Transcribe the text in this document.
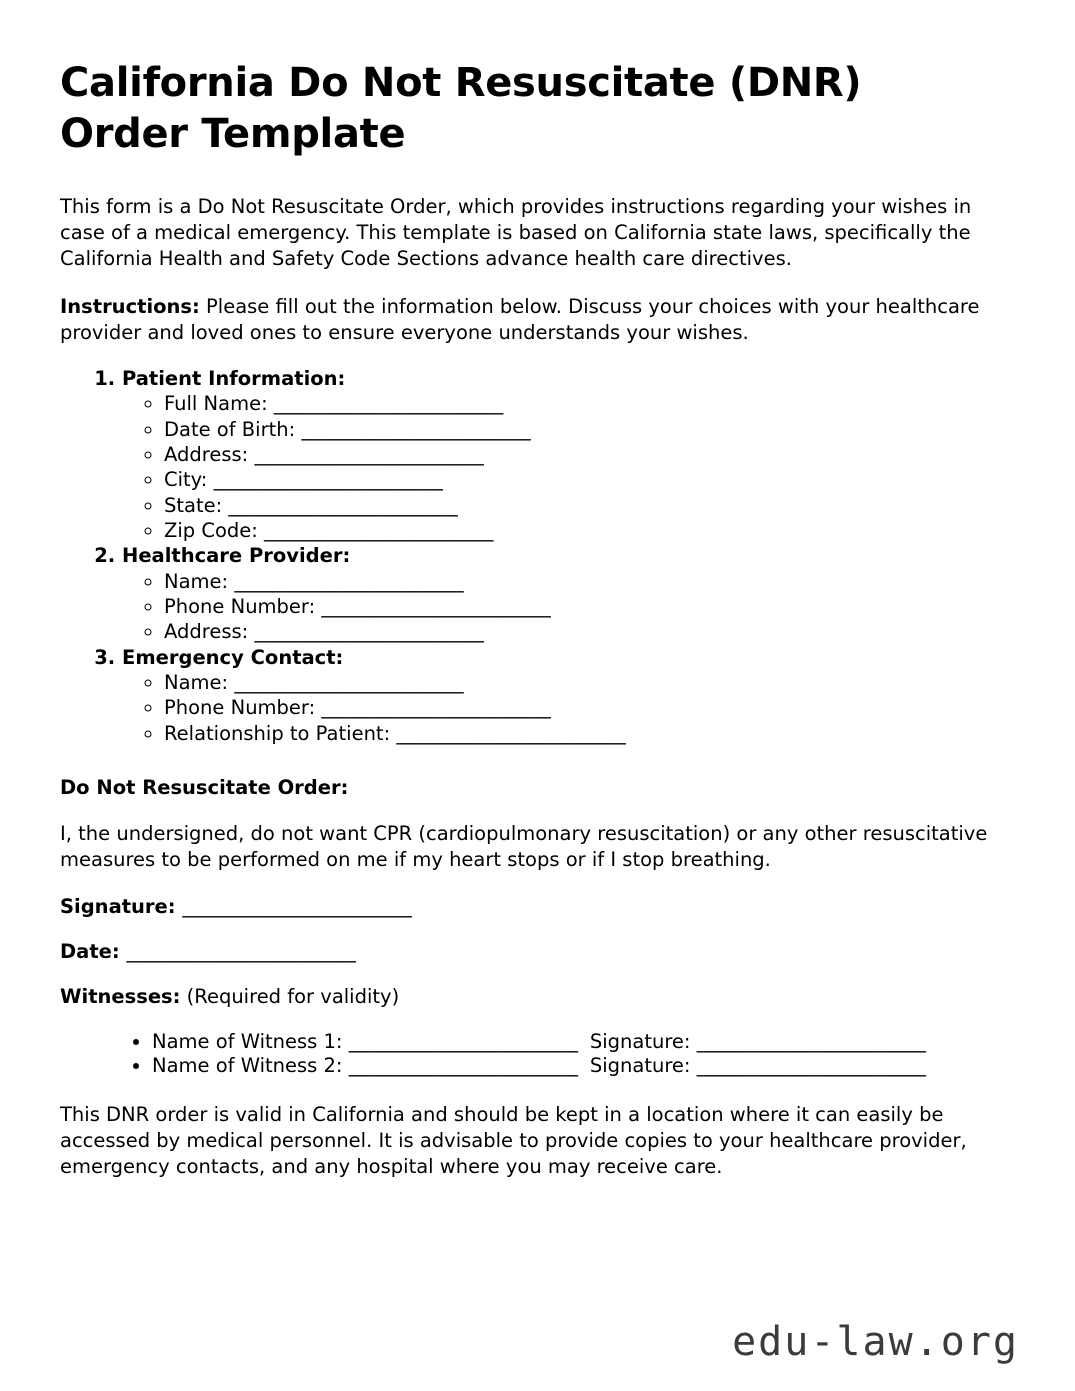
California Do Not Resuscitate (DNR) Order Template

This form is a Do Not Resuscitate Order, which provides instructions regarding your wishes in case of a medical emergency. This template is based on California state laws, specifically the California Health and Safety Code Sections advance health care directives.

Instructions: Please fill out the information below. Discuss your choices with your healthcare provider and loved ones to ensure everyone understands your wishes.

1. Patient Information:
◦ Full Name: _________________________
◦ Date of Birth: _________________________
◦ Address: _________________________
◦ City: _________________________
◦ State: _________________________
◦ Zip Code: _________________________
2. Healthcare Provider:
◦ Name: _________________________
◦ Phone Number: _________________________
◦ Address: _________________________
3. Emergency Contact:
◦ Name: _________________________
◦ Phone Number: _________________________
◦ Relationship to Patient: _________________________
Do Not Resuscitate Order:

I, the undersigned, do not want CPR (cardiopulmonary resuscitation) or any other resuscitative measures to be performed on me if my heart stops or if I stop breathing.

Signature: _________________________
Date: _________________________
Witnesses: (Required for validity)
• Name of Witness 1: _________________________  Signature: _________________________
• Name of Witness 2: _________________________  Signature: _________________________

This DNR order is valid in California and should be kept in a location where it can easily be accessed by medical personnel. It is advisable to provide copies to your healthcare provider, emergency contacts, and any hospital where you may receive care.

edu-law.org
